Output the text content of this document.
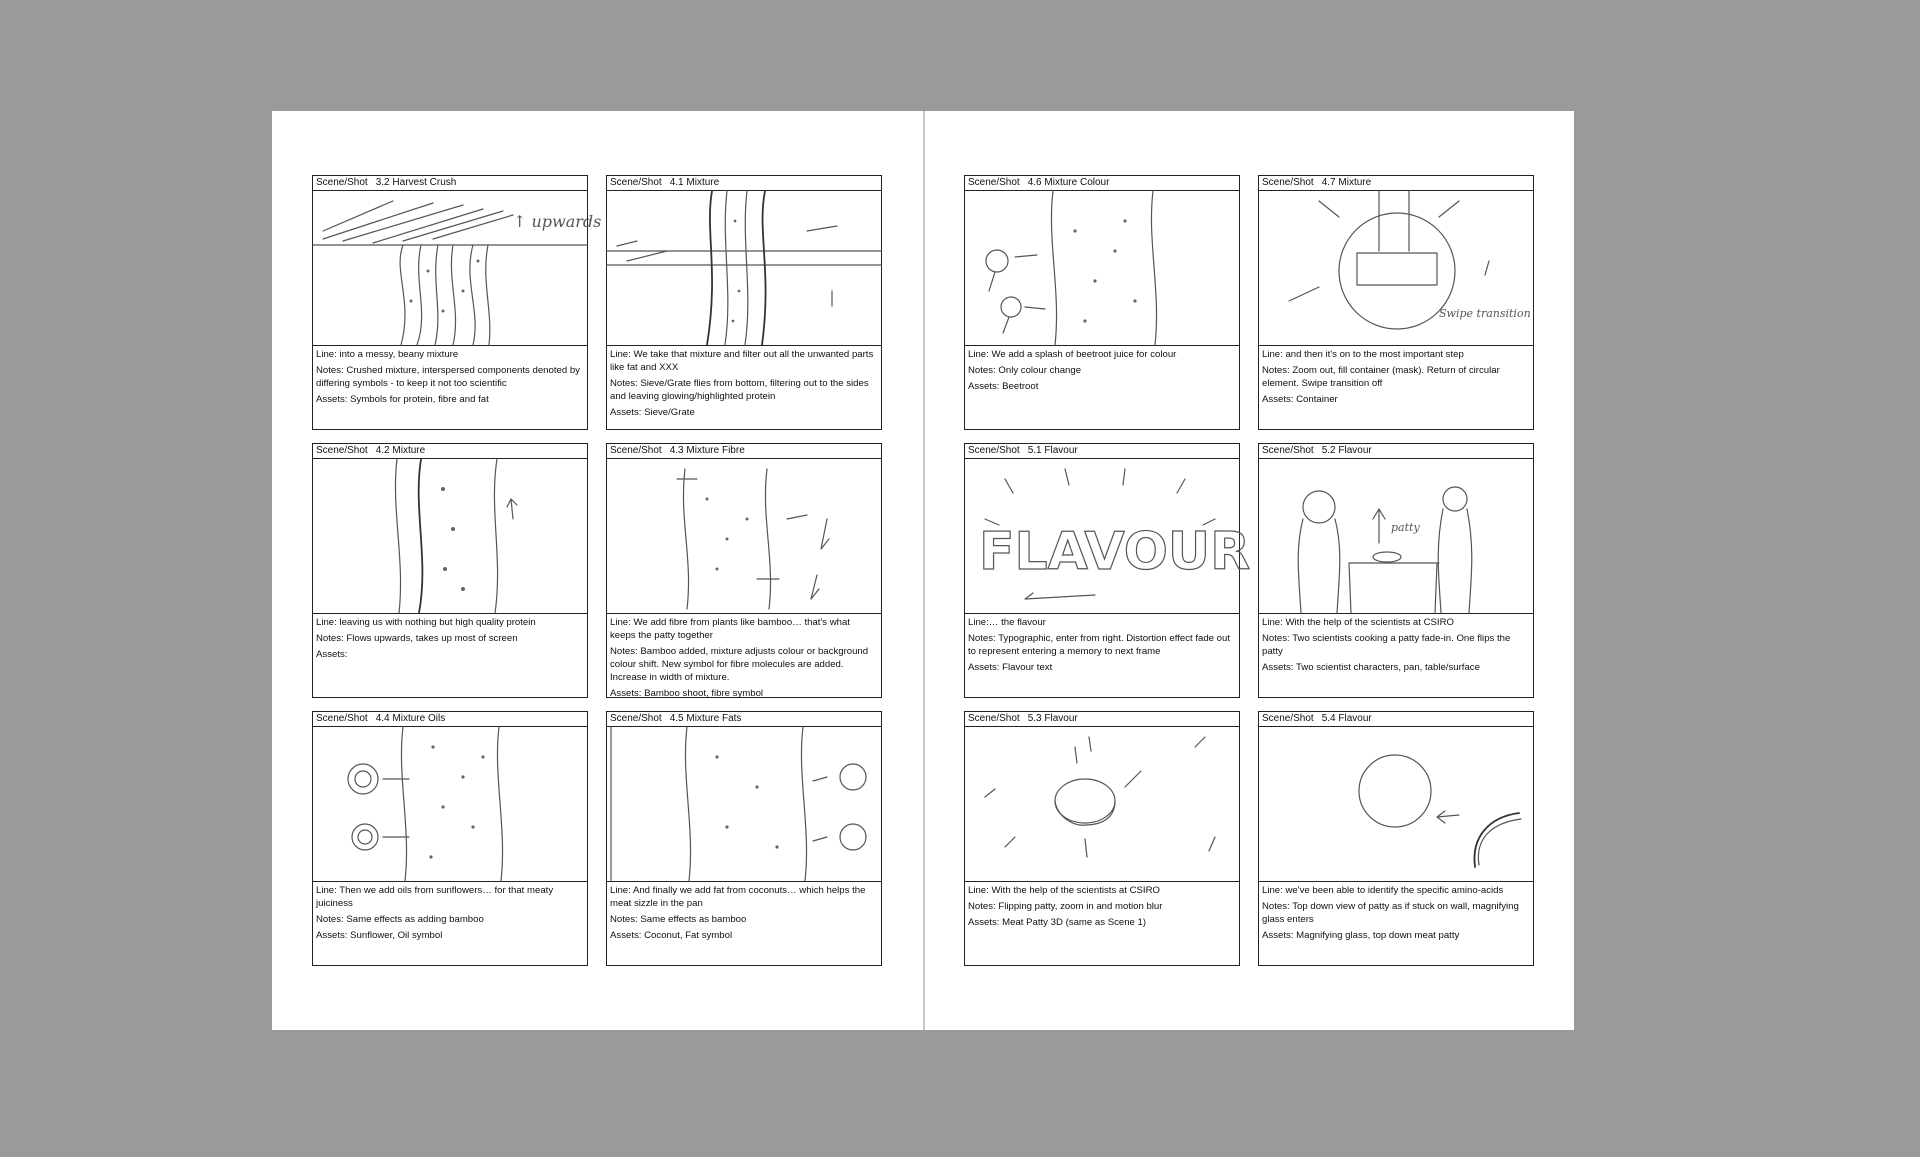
Scene/Shot 3.2 Harvest Crush
↑ upwards

Line: into a messy, beany mixture

Notes: Crushed mixture, interspersed components denoted by differing symbols - to keep it not too scientific

Assets: Symbols for protein, fibre and fat

Scene/Shot 4.1 Mixture

Line: We take that mixture and filter out all the unwanted parts like fat and XXX

Notes: Sieve/Grate flies from bottom, filtering out to the sides and leaving glowing/highlighted protein

Assets: Sieve/Grate

Scene/Shot 4.6 Mixture Colour

Line: We add a splash of beetroot juice for colour

Notes: Only colour change

Assets: Beetroot

Scene/Shot 4.7 Mixture
Swipe transition

Line: and then it's on to the most important step

Notes: Zoom out, fill container (mask). Return of circular element. Swipe transition off

Assets: Container

Scene/Shot 4.2 Mixture

Line: leaving us with nothing but high quality protein

Notes: Flows upwards, takes up most of screen

Assets:

Scene/Shot 4.3 Mixture Fibre

Line: We add fibre from plants like bamboo… that's what keeps the patty together

Notes: Bamboo added, mixture adjusts colour or background colour shift. New symbol for fibre molecules are added. Increase in width of mixture.

Assets: Bamboo shoot, fibre symbol

Scene/Shot 5.1 Flavour
FLAVOUR

Line:… the flavour

Notes: Typographic, enter from right. Distortion effect fade out to represent entering a memory to next frame

Assets: Flavour text

Scene/Shot 5.2 Flavour
patty

Line: With the help of the scientists at CSIRO

Notes: Two scientists cooking a patty fade-in. One flips the patty

Assets: Two scientist characters, pan, table/surface

Scene/Shot 4.4 Mixture Oils

Line: Then we add oils from sunflowers… for that meaty juiciness

Notes: Same effects as adding bamboo

Assets: Sunflower, Oil symbol

Scene/Shot 4.5 Mixture Fats

Line: And finally we add fat from coconuts… which helps the meat sizzle in the pan

Notes: Same effects as bamboo

Assets: Coconut, Fat symbol

Scene/Shot 5.3 Flavour

Line: With the help of the scientists at CSIRO

Notes: Flipping patty, zoom in and motion blur

Assets: Meat Patty 3D (same as Scene 1)

Scene/Shot 5.4 Flavour

Line: we've been able to identify the specific amino-acids

Notes: Top down view of patty as if stuck on wall, magnifying glass enters

Assets: Magnifying glass, top down meat patty
